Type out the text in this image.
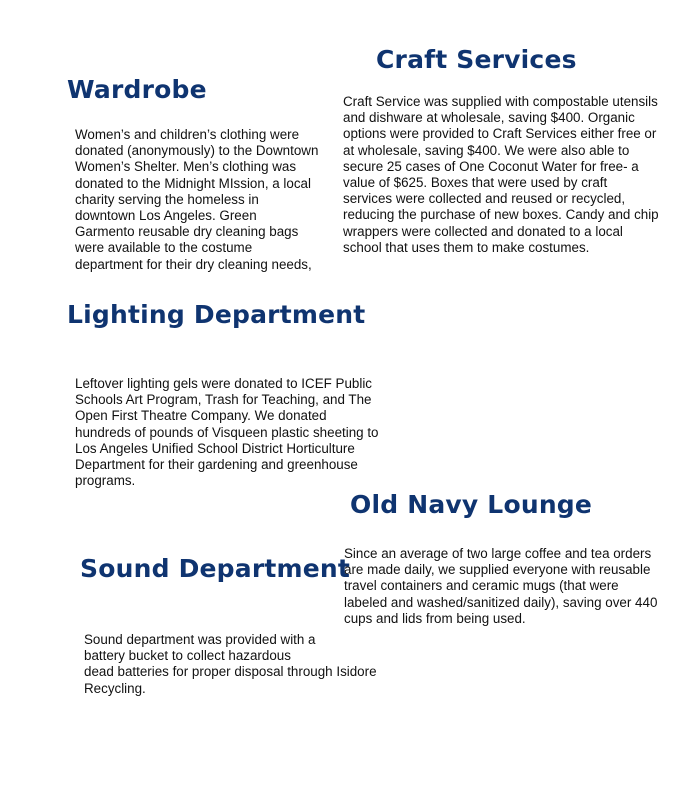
Wardrobe

Women’s and children’s clothing were
donated (anonymously) to the Downtown
Women’s Shelter. Men’s clothing was
donated to the Midnight MIssion, a local
charity serving the homeless in
downtown Los Angeles. Green
Garmento reusable dry cleaning bags
were available to the costume
department for their dry cleaning needs,

Craft Services

Craft Service was supplied with compostable utensils
and dishware at wholesale, saving $400. Organic
options were provided to Craft Services either free or
at wholesale, saving $400. We were also able to
secure 25 cases of One Coconut Water for free- a
value of $625. Boxes that were used by craft
services were collected and reused or recycled,
reducing the purchase of new boxes. Candy and chip
wrappers were collected and donated to a local
school that uses them to make costumes.

Lighting Department

Leftover lighting gels were donated to ICEF Public
Schools Art Program, Trash for Teaching, and The
Open First Theatre Company. We donated
hundreds of pounds of Visqueen plastic sheeting to
Los Angeles Unified School District Horticulture
Department for their gardening and greenhouse
programs.

Old Navy Lounge

Since an average of two large coffee and tea orders
are made daily, we supplied everyone with reusable
travel containers and ceramic mugs (that were
labeled and washed/sanitized daily), saving over 440
cups and lids from being used.

Sound Department

Sound department was provided with a
battery bucket to collect hazardous
dead batteries for proper disposal through Isidore
Recycling.
